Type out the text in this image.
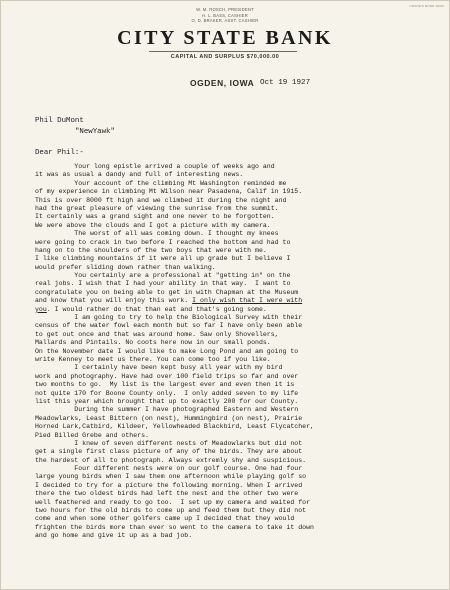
CRANE'S BOND 100%
W. M. ROSCH, PRESIDENT
H. L. BASS, CASHIER
O. D. BRAKER, ASST. CASHIER
CITY STATE BANK
CAPITAL AND SURPLUS $70,000.00
OGDEN, IOWA Oct 19 1927
Phil DuMont
"NewYawk"
Dear Phil:-
Your long epistle arrived a couple of weeks ago and
it was as usual a dandy and full of interesting news.
Your account of the climbing Mt Washington reminded me
of my experience in climbing Mt Wilson near Pasadena, Calif in 1915.
This is over 8000 ft high and we climbed it during the night and
had the great pleasure of viewing the sunrise from the summit.
It certainly was a grand sight and one never to be forgotten.
We were above the clouds and I got a picture with my camera.
The worst of all was coming down. I thought my knees
were going to crack in two before I reached the bottom and had to
hang on to the shoulders of the two boys that were with me.
I like climbing mountains if it were all up grade but I believe I
would prefer sliding down rather than walking.
You certainly are a professional at "getting in" on the
real jobs. I wish that I had your ability in that way.  I want to
congratulate you on being able to get in with Chapman at the Museum
and know that you will enjoy this work. I only wish that I were with
you. I would rather do that than eat and that's going some.
I am going to try to help the Biological Survey with their
census of the water fowl each month but so far I have only been able
to get out once and that was around home. Saw only Shovellers,
Mallards and Pintails. No coots here now in our small ponds.
On the November date I would like to make Long Pond and am going to
write Kenney to meet us there. You can come too if you like.
I certainly have been kept busy all year with my bird
work and photography. Have had over 100 field trips so far and over
two months to go.  My list is the largest ever and even then it is
not quite 170 for Boone County only.  I only added seven to my life
list this year which brought that up to exactly 200 for our County.
During the summer I have photographed Eastern and Western
Meadowlarks, Least Bittern (on nest), Hummingbird (on nest), Prairie
Horned Lark,Catbird, Kildeer, Yellowheaded Blackbird, Least Flycatcher,
Pied Billed Grebe and others.
I knew of seven different nests of Meadowlarks but did not
get a single first class picture of any of the birds. They are about
the hardest of all to photograph. Always extremly shy and suspicious.
Four different nests were on our golf course. One had four
large young birds when I saw them one afternoon while playing golf so
I decided to try for a picture the following morning. When I arrived
there the two oldest birds had left the nest and the other two were
well feathered and ready to go too.  I set up my camera and waited for
two hours for the old birds to come up and feed them but they did not
come and when some other golfers came up I decided that they would
frighten the birds more than ever so went to the camera to take it down
and go home and give it up as a bad job.
